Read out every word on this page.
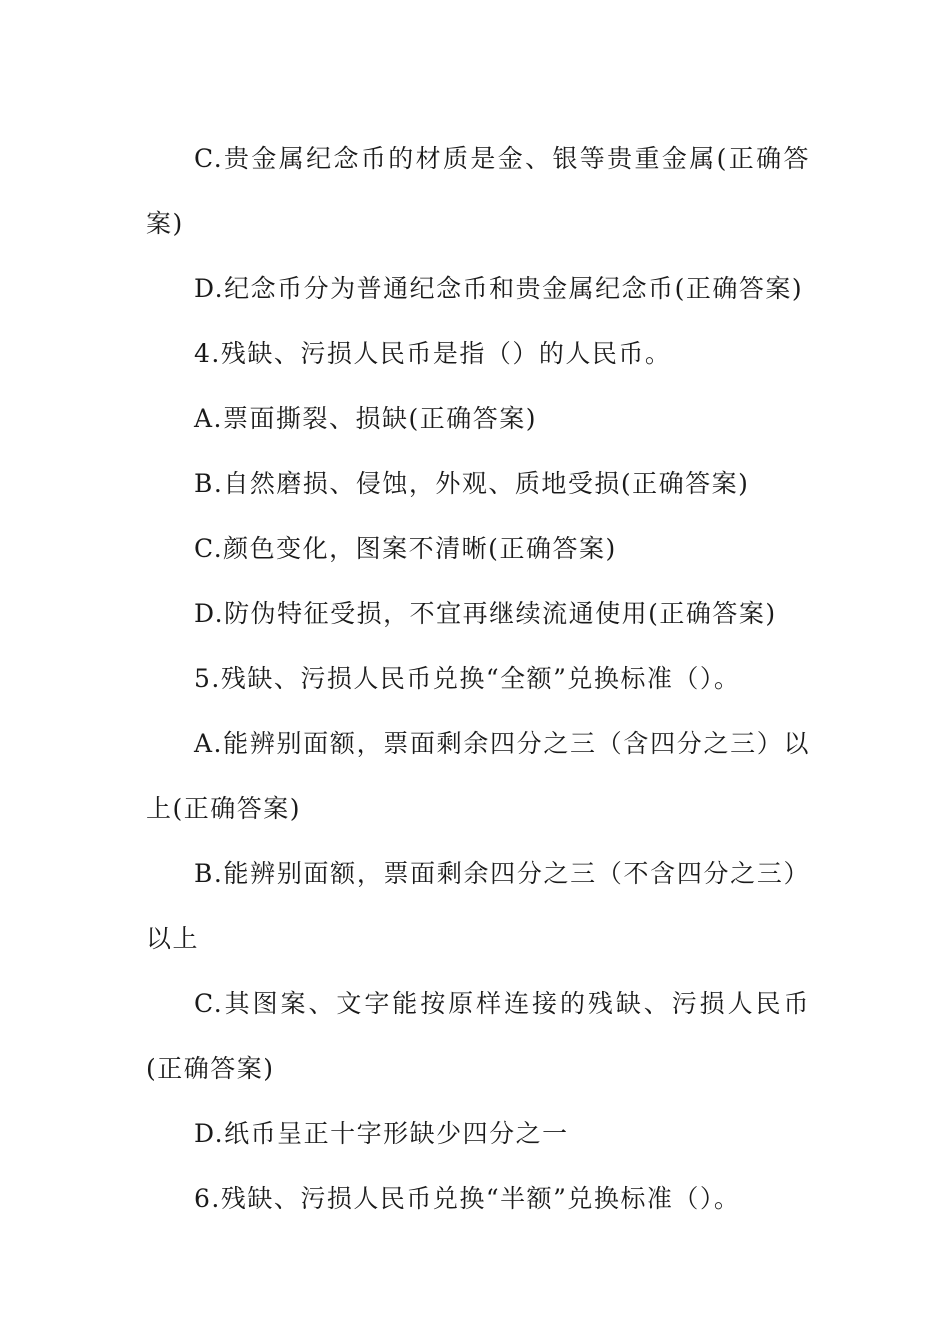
C.贵金属纪念币的材质是金、银等贵重金属(正确答案)

D.纪念币分为普通纪念币和贵金属纪念币(正确答案)

4.残缺、污损人民币是指（）的人民币。

A.票面撕裂、损缺(正确答案)

B.自然磨损、侵蚀，外观、质地受损(正确答案)

C.颜色变化，图案不清晰(正确答案)

D.防伪特征受损，不宜再继续流通使用(正确答案)

5.残缺、污损人民币兑换“全额”兑换标准（）。

A.能辨别面额，票面剩余四分之三（含四分之三）以上(正确答案)

B.能辨别面额，票面剩余四分之三（不含四分之三）以上

C.其图案、文字能按原样连接的残缺、污损人民币(正确答案)

D.纸币呈正十字形缺少四分之一

6.残缺、污损人民币兑换“半额”兑换标准（）。
